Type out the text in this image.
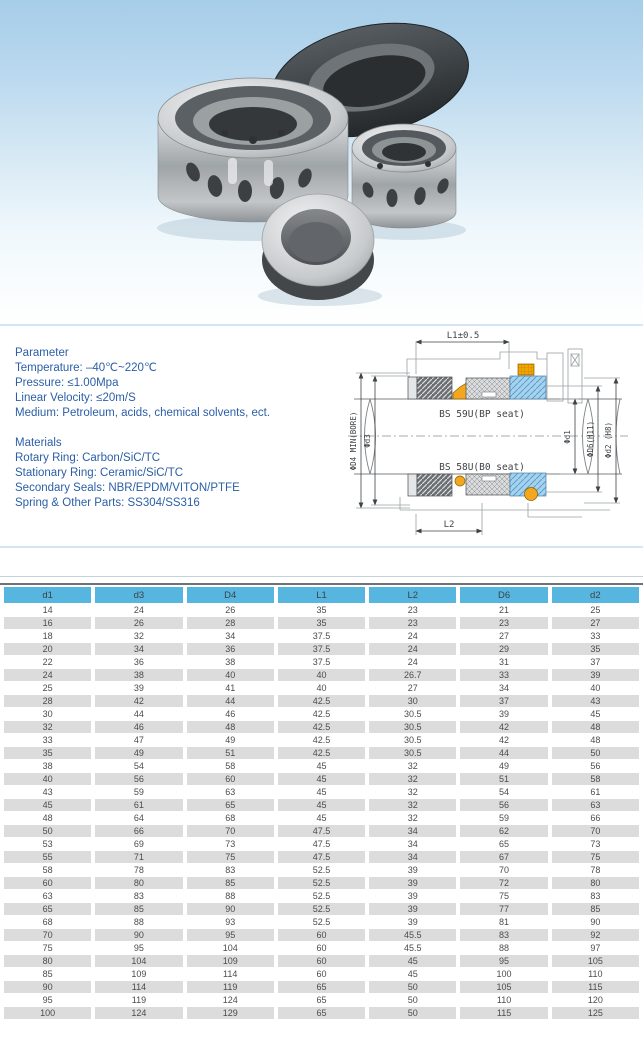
Parameter
Temperature: –40℃~220℃
Pressure: ≤1.00Mpa
Linear Velocity: ≤20m/S
Medium: Petroleum, acids, chemical solvents, ect.
Materials
Rotary Ring: Carbon/SiC/TC
Stationary Ring: Ceramic/SiC/TC
Secondary Seals: NBR/EPDM/VITON/PTFE
Spring & Other Parts: SS304/SS316
L1±0.5
L2
ΦD4 MIN(BORE) Φd3	Φd1 ΦD6(H11) Φd2 (H8)
BS 59U(BP seat)
BS 58U(B0 seat)
d1	d3	D4	L1	L2	D6	d2
14	24	26	35	23	21	25
16	26	28	35	23	23	27
18	32	34	37.5	24	27	33
20	34	36	37.5	24	29	35
22	36	38	37.5	24	31	37
24	38	40	40	26.7	33	39
25	39	41	40	27	34	40
28	42	44	42.5	30	37	43
30	44	46	42.5	30.5	39	45
32	46	48	42.5	30.5	42	48
33	47	49	42.5	30.5	42	48
35	49	51	42.5	30.5	44	50
38	54	58	45	32	49	56
40	56	60	45	32	51	58
43	59	63	45	32	54	61
45	61	65	45	32	56	63
48	64	68	45	32	59	66
50	66	70	47.5	34	62	70
53	69	73	47.5	34	65	73
55	71	75	47.5	34	67	75
58	78	83	52.5	39	70	78
60	80	85	52.5	39	72	80
63	83	88	52.5	39	75	83
65	85	90	52.5	39	77	85
68	88	93	52.5	39	81	90
70	90	95	60	45.5	83	92
75	95	104	60	45.5	88	97
80	104	109	60	45	95	105
85	109	114	60	45	100	110
90	114	119	65	50	105	115
95	119	124	65	50	110	120
100	124	129	65	50	115	125
